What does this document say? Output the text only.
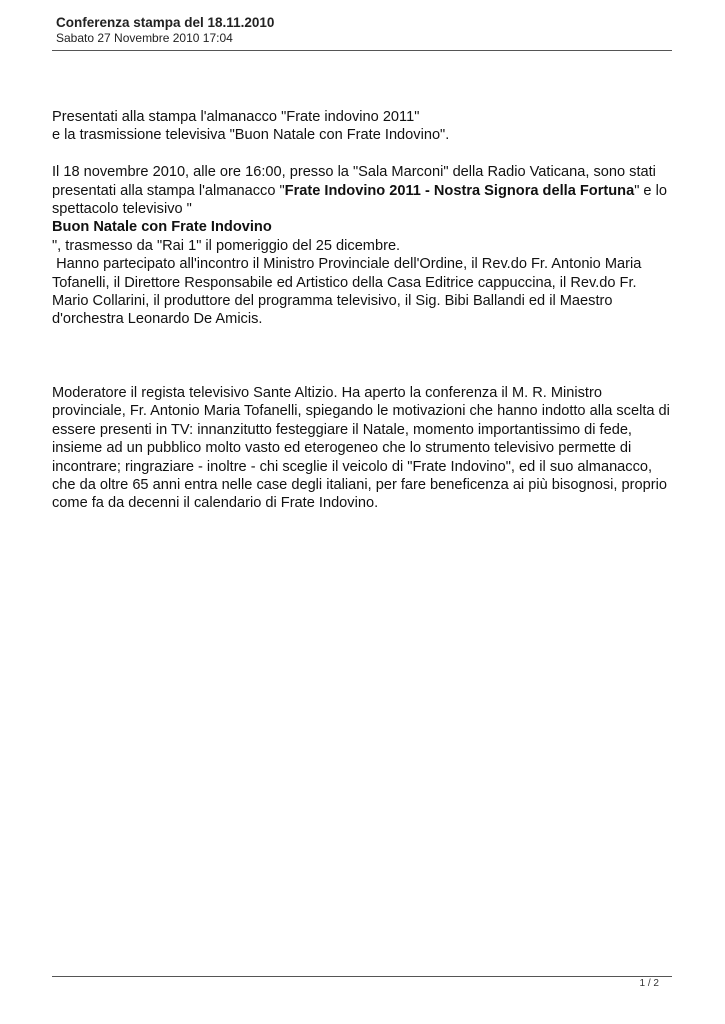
Conferenza stampa del 18.11.2010
Sabato 27 Novembre 2010 17:04

Presentati alla stampa l'almanacco "Frate indovino 2011"

e la trasmissione televisiva "Buon Natale con Frate Indovino".

Il 18 novembre 2010, alle ore 16:00, presso la "Sala Marconi" della Radio Vaticana, sono stati presentati alla stampa l'almanacco "Frate Indovino 2011 - Nostra Signora della Fortuna" e lo spettacolo televisivo "

Buon Natale con Frate Indovino

", trasmesso da "Rai 1" il pomeriggio del 25 dicembre.

Hanno partecipato all'incontro il Ministro Provinciale dell'Ordine, il Rev.do Fr. Antonio Maria Tofanelli, il Direttore Responsabile ed Artistico della Casa Editrice cappuccina, il Rev.do Fr. Mario Collarini, il produttore del programma televisivo, il Sig. Bibi Ballandi ed il Maestro d'orchestra Leonardo De Amicis.

Moderatore il regista televisivo Sante Altizio. Ha aperto la conferenza il M. R. Ministro provinciale, Fr. Antonio Maria Tofanelli, spiegando le motivazioni che hanno indotto alla scelta di essere presenti in TV: innanzitutto festeggiare il Natale, momento importantissimo di fede, insieme ad un pubblico molto vasto ed eterogeneo che lo strumento televisivo permette di incontrare; ringraziare - inoltre - chi sceglie il veicolo di "Frate Indovino", ed il suo almanacco, che da oltre 65 anni entra nelle case degli italiani, per fare beneficenza ai più bisognosi, proprio come fa da decenni il calendario di Frate Indovino.

1 / 2
